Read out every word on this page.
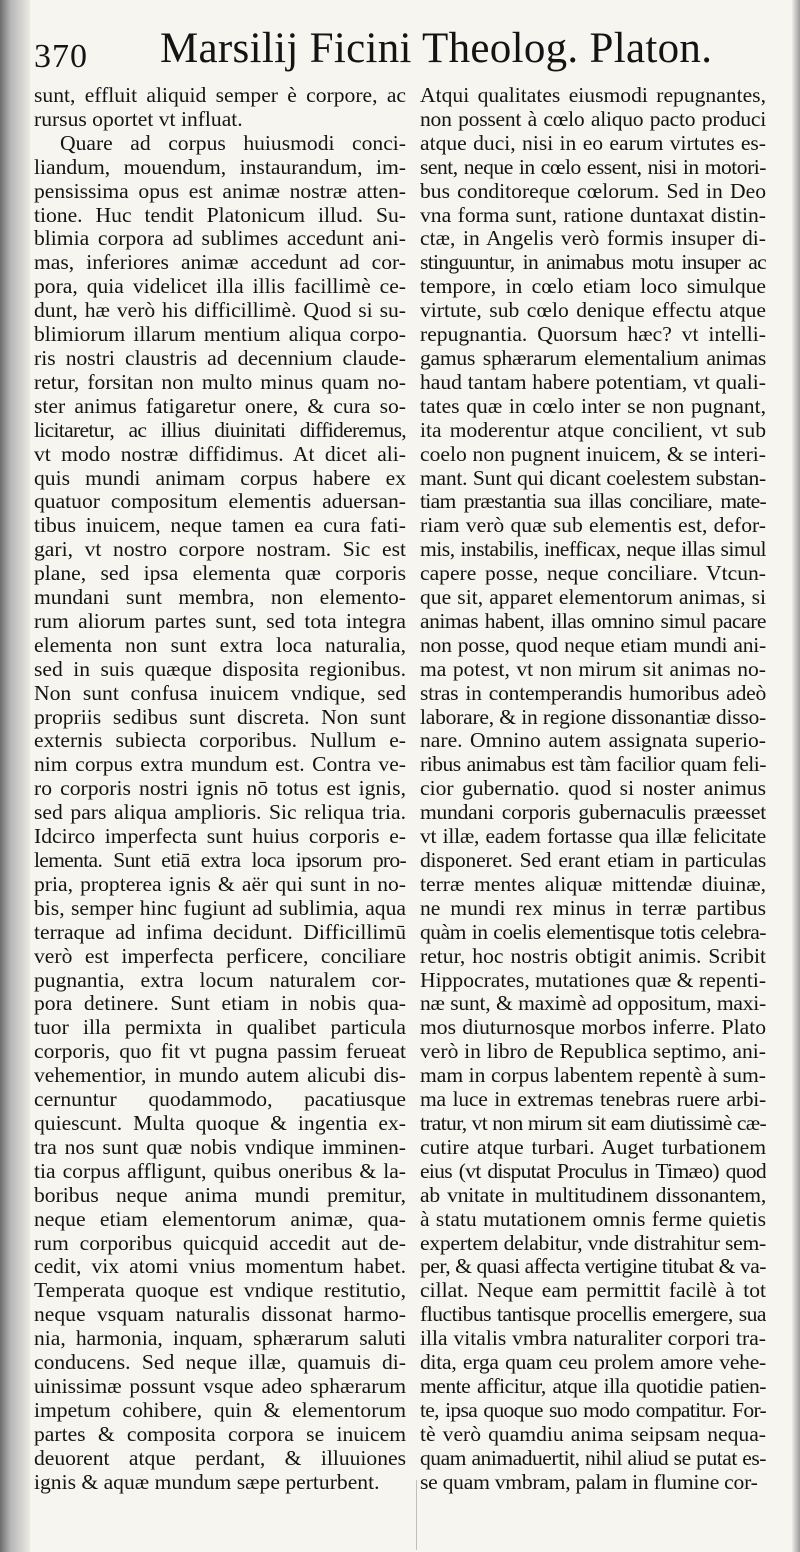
370 Marsilij Ficini Theolog. Platon.
sunt, effluit aliquid semper è corpore, ac
rursus oportet vt influat.
Quare ad corpus huiusmodi conci-
liandum, mouendum, instaurandum, im-
pensissima opus est animæ nostræ atten-
tione. Huc tendit Platonicum illud. Su-
blimia corpora ad sublimes accedunt ani-
mas, inferiores animæ accedunt ad cor-
pora, quia videlicet illa illis facillimè ce-
dunt, hæ verò his difficillimè. Quod si su-
blimiorum illarum mentium aliqua corpo-
ris nostri claustris ad decennium claude-
retur, forsitan non multo minus quam no-
ster animus fatigaretur onere, & cura so-
licitaretur, ac illius diuinitati diffideremus,
vt modo nostræ diffidimus. At dicet ali-
quis mundi animam corpus habere ex
quatuor compositum elementis aduersan-
tibus inuicem, neque tamen ea cura fati-
gari, vt nostro corpore nostram. Sic est
plane, sed ipsa elementa quæ corporis
mundani sunt membra, non elemento-
rum aliorum partes sunt, sed tota integra
elementa non sunt extra loca naturalia,
sed in suis quæque disposita regionibus.
Non sunt confusa inuicem vndique, sed
propriis sedibus sunt discreta. Non sunt
externis subiecta corporibus. Nullum e-
nim corpus extra mundum est. Contra ve-
ro corporis nostri ignis nō totus est ignis,
sed pars aliqua amplioris. Sic reliqua tria.
Idcirco imperfecta sunt huius corporis e-
lementa. Sunt etiā extra loca ipsorum pro-
pria, propterea ignis & aër qui sunt in no-
bis, semper hinc fugiunt ad sublimia, aqua
terraque ad infima decidunt. Difficillimū
verò est imperfecta perficere, conciliare
pugnantia, extra locum naturalem cor-
pora detinere. Sunt etiam in nobis qua-
tuor illa permixta in qualibet particula
corporis, quo fit vt pugna passim ferueat
vehementior, in mundo autem alicubi dis-
cernuntur quodammodo, pacatiusque
quiescunt. Multa quoque & ingentia ex-
tra nos sunt quæ nobis vndique imminen-
tia corpus affligunt, quibus oneribus & la-
boribus neque anima mundi premitur,
neque etiam elementorum animæ, qua-
rum corporibus quicquid accedit aut de-
cedit, vix atomi vnius momentum habet.
Temperata quoque est vndique restitutio,
neque vsquam naturalis dissonat harmo-
nia, harmonia, inquam, sphærarum saluti
conducens. Sed neque illæ, quamuis di-
uinissimæ possunt vsque adeo sphærarum
impetum cohibere, quin & elementorum
partes & composita corpora se inuicem
deuorent atque perdant, & illuuiones
ignis & aquæ mundum sæpe perturbent.
Atqui qualitates eiusmodi repugnantes,
non possent à cœlo aliquo pacto produci
atque duci, nisi in eo earum virtutes es-
sent, neque in cœlo essent, nisi in motori-
bus conditoreque cœlorum. Sed in Deo
vna forma sunt, ratione duntaxat distin-
ctæ, in Angelis verò formis insuper di-
stinguuntur, in animabus motu insuper ac
tempore, in cœlo etiam loco simulque
virtute, sub cœlo denique effectu atque
repugnantia. Quorsum hæc? vt intelli-
gamus sphærarum elementalium animas
haud tantam habere potentiam, vt quali-
tates quæ in cœlo inter se non pugnant,
ita moderentur atque concilient, vt sub
coelo non pugnent inuicem, & se interi-
mant. Sunt qui dicant coelestem substan-
tiam præstantia sua illas conciliare, mate-
riam verò quæ sub elementis est, defor-
mis, instabilis, inefficax, neque illas simul
capere posse, neque conciliare. Vtcun-
que sit, apparet elementorum animas, si
animas habent, illas omnino simul pacare
non posse, quod neque etiam mundi ani-
ma potest, vt non mirum sit animas no-
stras in contemperandis humoribus adeò
laborare, & in regione dissonantiæ disso-
nare. Omnino autem assignata superio-
ribus animabus est tàm facilior quam feli-
cior gubernatio. quod si noster animus
mundani corporis gubernaculis præesset
vt illæ, eadem fortasse qua illæ felicitate
disponeret. Sed erant etiam in particulas
terræ mentes aliquæ mittendæ diuinæ,
ne mundi rex minus in terræ partibus
quàm in coelis elementisque totis celebra-
retur, hoc nostris obtigit animis. Scribit
Hippocrates, mutationes quæ & repenti-
næ sunt, & maximè ad oppositum, maxi-
mos diuturnosque morbos inferre. Plato
verò in libro de Republica septimo, ani-
mam in corpus labentem repentè à sum-
ma luce in extremas tenebras ruere arbi-
tratur, vt non mirum sit eam diutissimè cæ-
cutire atque turbari. Auget turbationem
eius (vt disputat Proculus in Timæo) quod
ab vnitate in multitudinem dissonantem,
à statu mutationem omnis ferme quietis
expertem delabitur, vnde distrahitur sem-
per, & quasi affecta vertigine titubat & va-
cillat. Neque eam permittit facilè à tot
fluctibus tantisque procellis emergere, sua
illa vitalis vmbra naturaliter corpori tra-
dita, erga quam ceu prolem amore vehe-
mente afficitur, atque illa quotidie patien-
te, ipsa quoque suo modo compatitur. For-
tè verò quamdiu anima seipsam nequa-
quam animaduertit, nihil aliud se putat es-
se quam vmbram, palam in flumine cor-
